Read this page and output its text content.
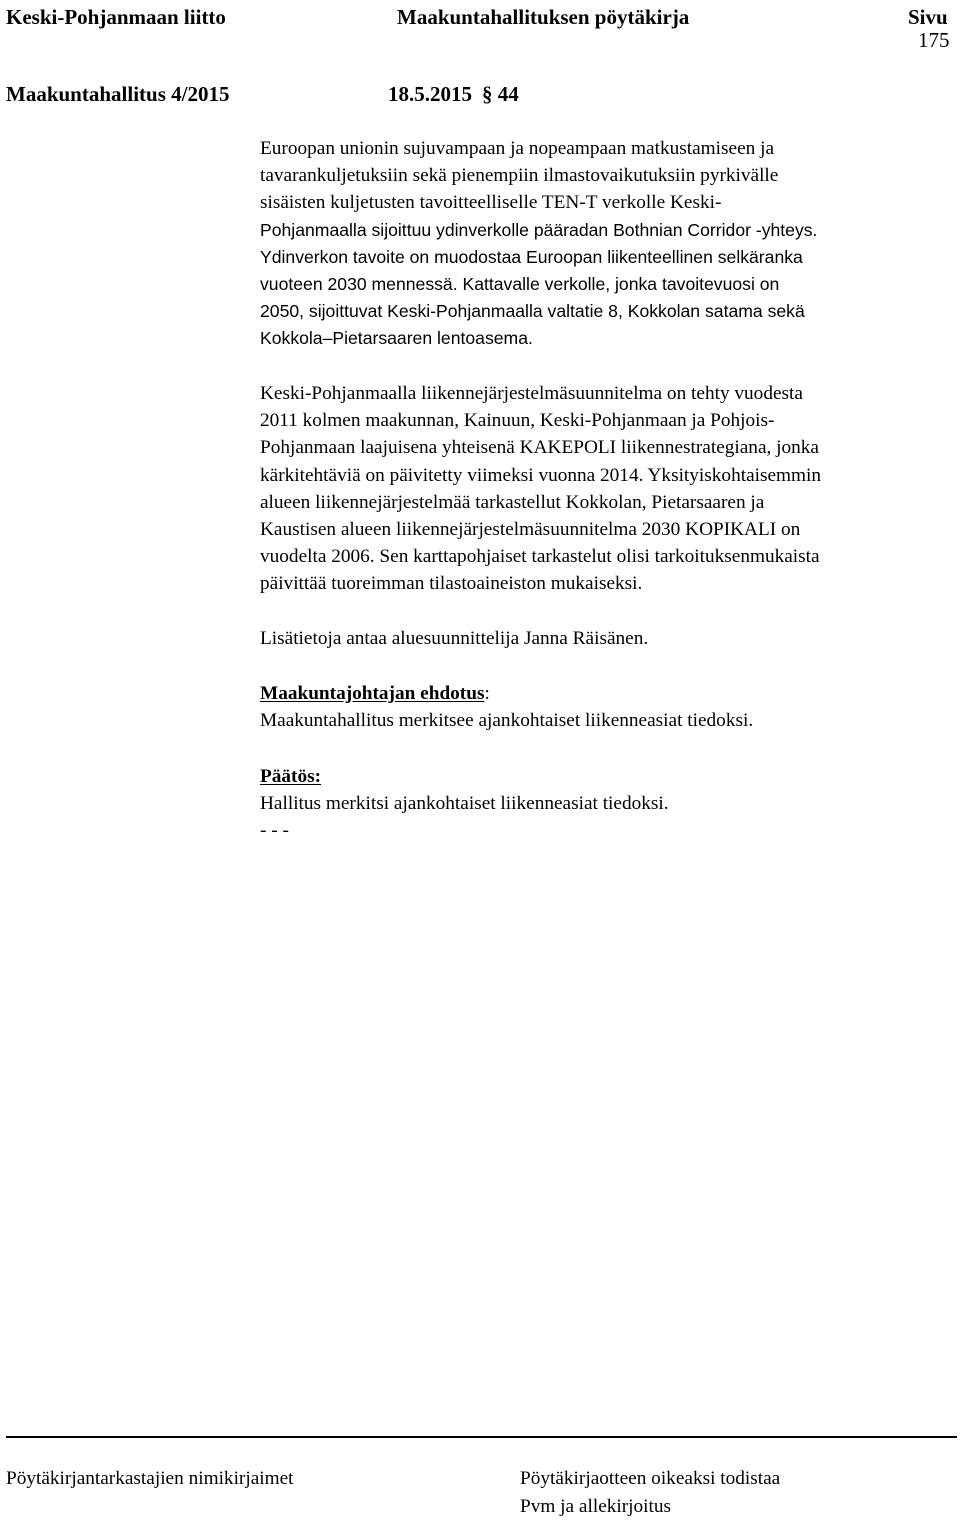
Keski-Pohjanmaan liitto	Maakuntahallituksen pöytäkirja	Sivu
175
Maakuntahallitus 4/2015	18.5.2015 § 44
Euroopan unionin sujuvampaan ja nopeampaan matkustamiseen ja
tavarankuljetuksiin sekä pienempiin ilmastovaikutuksiin pyrkivälle
sisäisten kuljetusten tavoitteelliselle TEN-T verkolle Keski-
Pohjanmaalla sijoittuu ydinverkolle pääradan Bothnian Corridor -yhteys.
Ydinverkon tavoite on muodostaa Euroopan liikenteellinen selkäranka
vuoteen 2030 mennessä. Kattavalle verkolle, jonka tavoitevuosi on
2050, sijoittuvat Keski-Pohjanmaalla valtatie 8, Kokkolan satama sekä
Kokkola–Pietarsaaren lentoasema.
Keski-Pohjanmaalla liikennejärjestelmäsuunnitelma on tehty vuodesta
2011 kolmen maakunnan, Kainuun, Keski-Pohjanmaan ja Pohjois-
Pohjanmaan laajuisena yhteisenä KAKEPOLI liikennestrategiana, jonka
kärkitehtäviä on päivitetty viimeksi vuonna 2014. Yksityiskohtaisemmin
alueen liikennejärjestelmää tarkastellut Kokkolan, Pietarsaaren ja
Kaustisen alueen liikennejärjestelmäsuunnitelma 2030 KOPIKALI on
vuodelta 2006. Sen karttapohjaiset tarkastelut olisi tarkoituksenmukaista
päivittää tuoreimman tilastoaineiston mukaiseksi.
Lisätietoja antaa aluesuunnittelija Janna Räisänen.
Maakuntajohtajan ehdotus:
Maakuntahallitus merkitsee ajankohtaiset liikenneasiat tiedoksi.
Päätös:
Hallitus merkitsi ajankohtaiset liikenneasiat tiedoksi.
- - -
Pöytäkirjantarkastajien nimikirjaimet	Pöytäkirjaotteen oikeaksi todistaa
Pvm ja allekirjoitus
